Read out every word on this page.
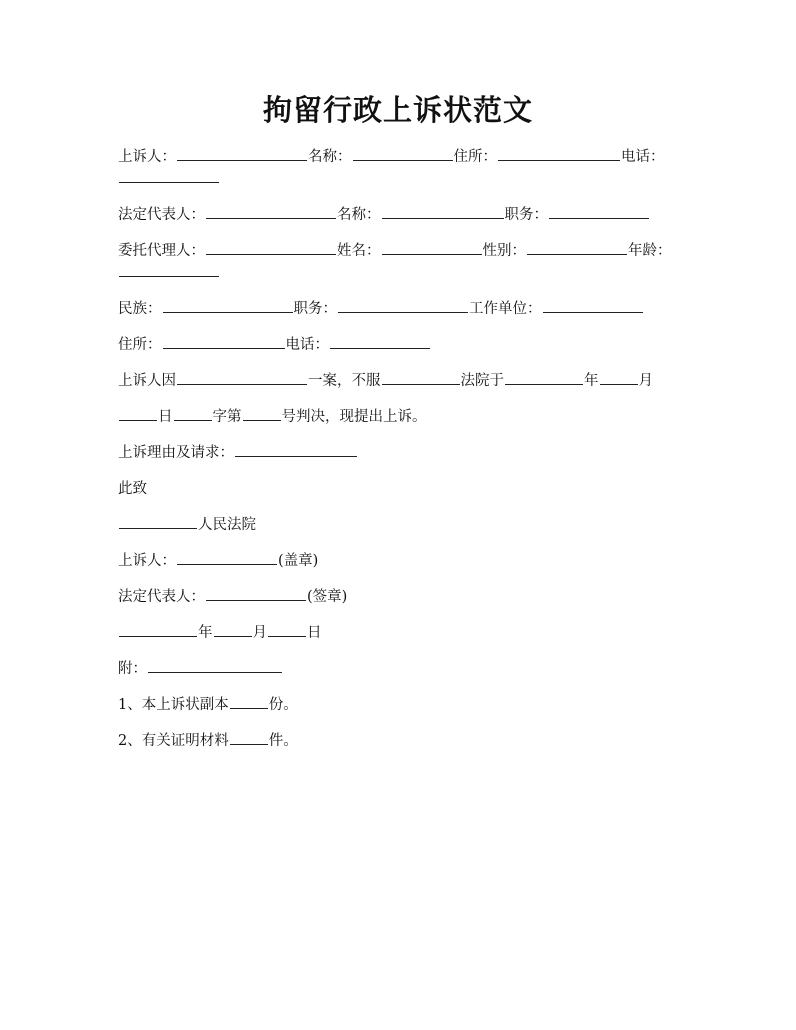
拘留行政上诉状范文

上诉人：	名称：	住所：	电话：

法定代表人：	名称：	职务：

委托代理人：	姓名：	性别：	年龄：

民族：	职务：	工作单位：

住所：	电话：

上诉人因	一案，不服	法院于	年	月

日	字第	号判决，现提出上诉。

上诉理由及请求：

此致

人民法院

上诉人：	(盖章)

法定代表人：	(签章)

年	月	日

附：

1、本上诉状副本	份。

2、有关证明材料	件。
